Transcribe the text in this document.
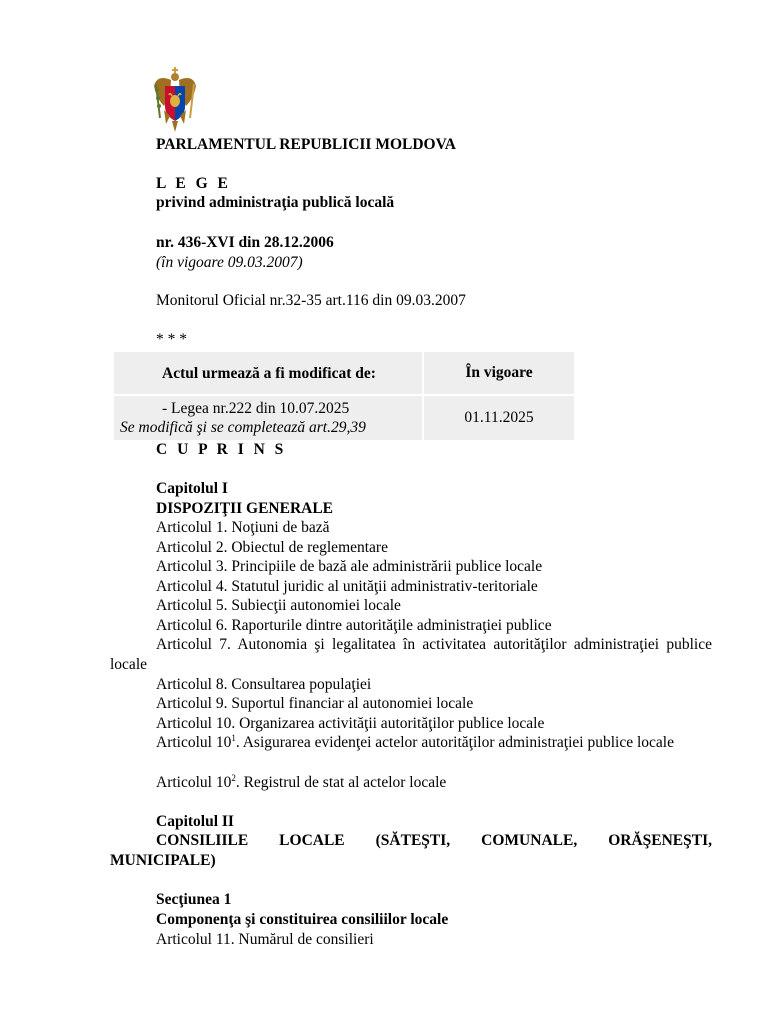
PARLAMENTUL REPUBLICII MOLDOVA
L E G E
privind administraţia publică locală
nr. 436-XVI din 28.12.2006
(în vigoare 09.03.2007)
Monitorul Oficial nr.32-35 art.116 din 09.03.2007
* * *
Actul urmează a fi modificat de:	În vigoare

- Legea nr.222 din 10.07.2025
Se modifică şi se completează art.29,39	01.11.2025
C U P R I N S
Capitolul I
DISPOZIŢII GENERALE
Articolul 1. Noţiuni de bază
Articolul 2. Obiectul de reglementare
Articolul 3. Principiile de bază ale administrării publice locale
Articolul 4. Statutul juridic al unităţii administrativ-teritoriale
Articolul 5. Subiecţii autonomiei locale
Articolul 6. Raporturile dintre autorităţile administraţiei publice
Articolul 7. Autonomia şi legalitatea în activitatea autorităţilor administraţiei publice locale
Articolul 8. Consultarea populaţiei
Articolul 9. Suportul financiar al autonomiei locale
Articolul 10. Organizarea activităţii autorităţilor publice locale
Articolul $10^1$. Asigurarea evidenţei actelor autorităţilor administraţiei publice locale
Articolul $10^2$. Registrul de stat al actelor locale
Capitolul II
CONSILIILE LOCALE (SĂTEŞTI, COMUNALE, ORĂŞENEŞTI, MUNICIPALE)
Secţiunea 1
Componenţa şi constituirea consiliilor locale
Articolul 11. Numărul de consilieri
